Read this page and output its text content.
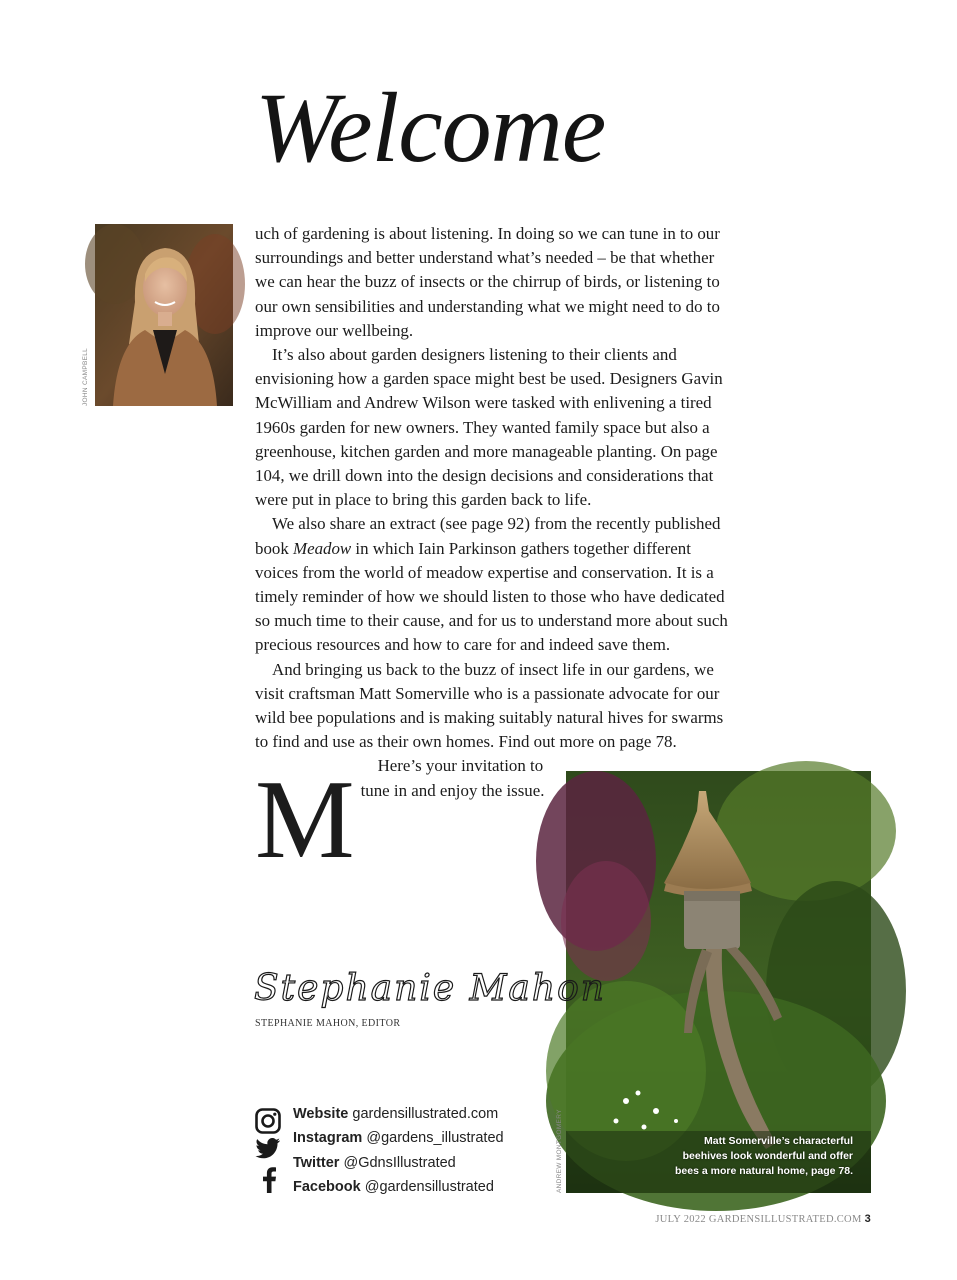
Welcome
JOHN CAMPBELL

M
uch of gardening is about listening. In doing so we can tune in to our surroundings and better understand what’s needed – be that whether we can hear the buzz of insects or the chirrup of birds, or listening to our own sensibilities and understanding what we might need to do to improve our wellbeing.

It’s also about garden designers listening to their clients and envisioning how a garden space might best be used. Designers Gavin McWilliam and Andrew Wilson were tasked with enlivening a tired 1960s garden for new owners. They wanted family space but also a greenhouse, kitchen garden and more manageable planting. On page 104, we drill down into the design decisions and considerations that were put in place to bring this garden back to life.

We also share an extract (see page 92) from the recently published book Meadow in which Iain Parkinson gathers together different voices from the world of meadow expertise and conservation. It is a timely reminder of how we should listen to those who have dedicated so much time to their cause, and for us to understand more about such precious resources and how to care for and indeed save them.

And bringing us back to the buzz of insect life in our gardens, we visit craftsman Matt Somerville who is a passionate advocate for our wild bee populations and is making suitably natural hives for swarms to find and use as their own homes. Find out more on page 78.

Here’s your invitation to tune in and enjoy the issue.

Matt Somerville’s characterful beehives look wonderful and offer bees a more natural home, page 78.
ANDREW MONTGOMERY
Stephanie Mahon
STEPHANIE MAHON, EDITOR
Website gardensillustrated.com
Instagram @gardens_illustrated
Twitter @GdnsIllustrated
Facebook @gardensillustrated
JULY 2022 GARDENSILLUSTRATED.COM 3
